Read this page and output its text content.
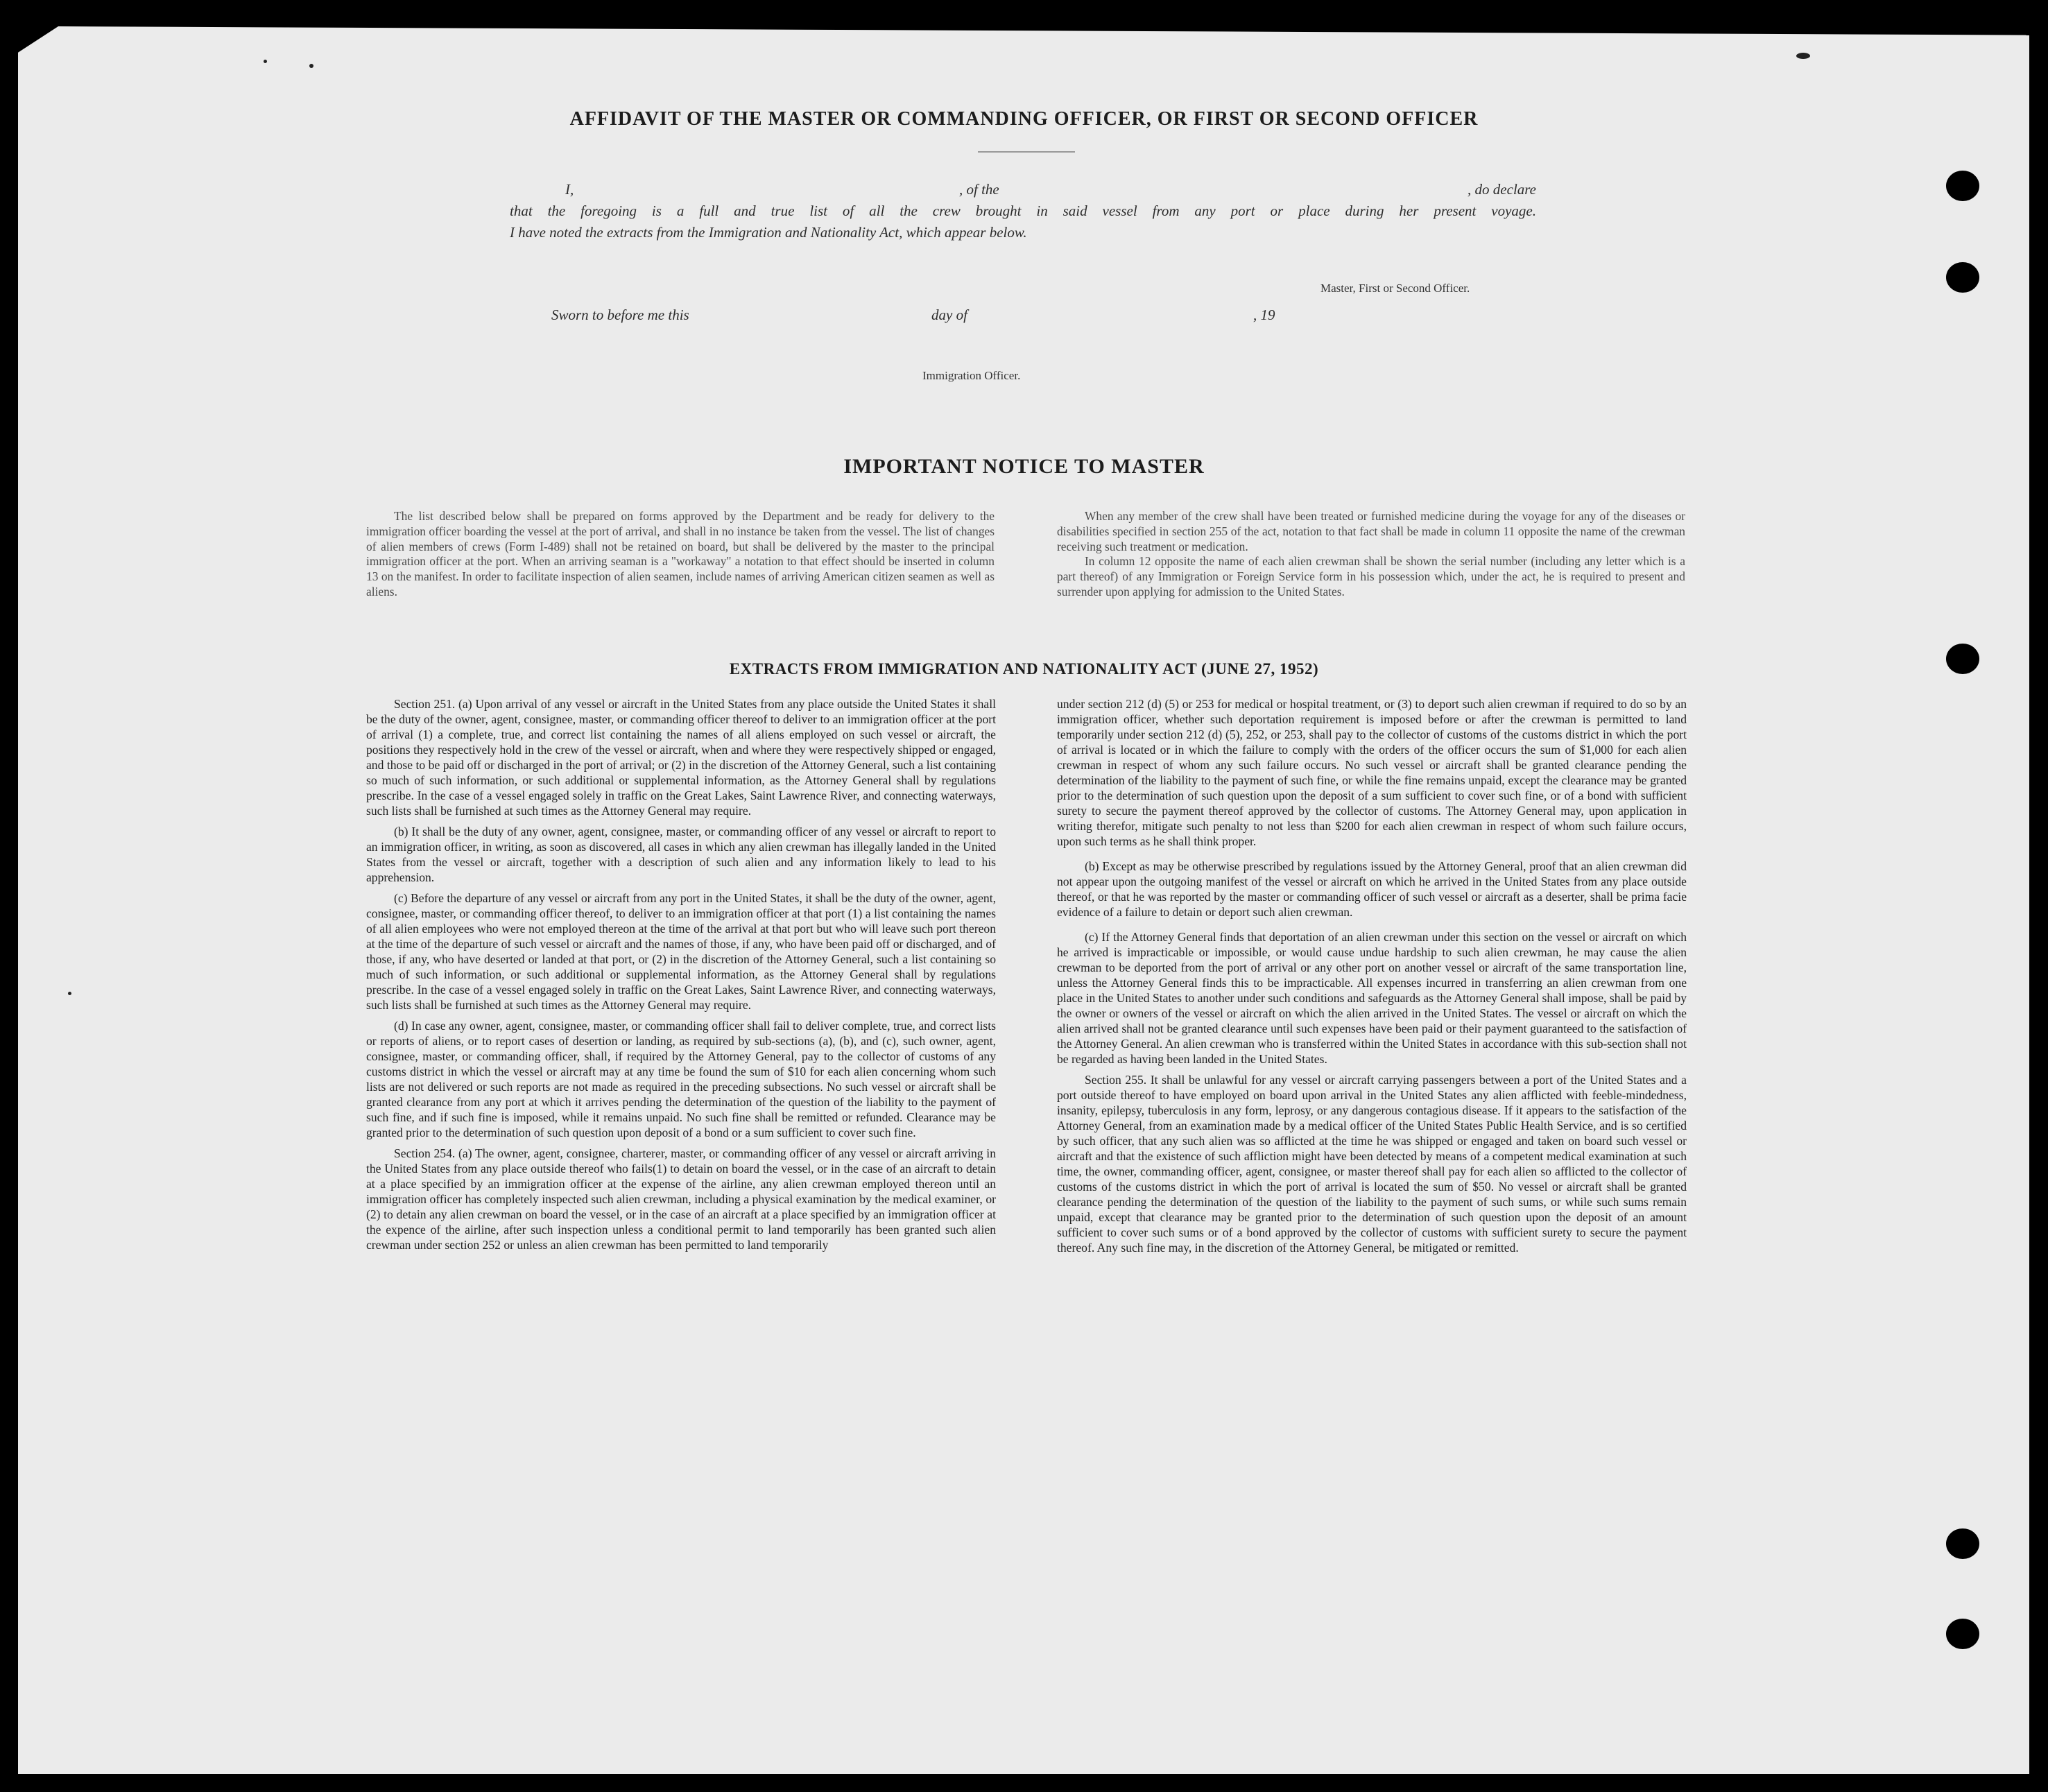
AFFIDAVIT OF THE MASTER OR COMMANDING OFFICER, OR FIRST OR SECOND OFFICER
I,	, of the	, do declare
that the foregoing is a full and true list of all the crew brought in said vessel from any port or place during her present voyage.
I have noted the extracts from the Immigration and Nationality Act, which appear below.
Master, First or Second Officer.
Sworn to before me this	day of	, 19
Immigration Officer.
IMPORTANT NOTICE TO MASTER

The list described below shall be prepared on forms approved by the Department and be ready for delivery to the immigration officer boarding the vessel at the port of arrival, and shall in no instance be taken from the vessel. The list of changes of alien members of crews (Form I-489) shall not be retained on board, but shall be delivered by the master to the principal immigration officer at the port. When an arriving seaman is a "workaway" a notation to that effect should be inserted in column 13 on the manifest. In order to facilitate inspection of alien seamen, include names of arriving American citizen seamen as well as aliens.

When any member of the crew shall have been treated or furnished medicine during the voyage for any of the diseases or disabilities specified in section 255 of the act, notation to that fact shall be made in column 11 opposite the name of the crewman receiving such treatment or medication.

In column 12 opposite the name of each alien crewman shall be shown the serial number (including any letter which is a part thereof) of any Immigration or Foreign Service form in his possession which, under the act, he is required to present and surrender upon applying for admission to the United States.

EXTRACTS FROM IMMIGRATION AND NATIONALITY ACT (JUNE 27, 1952)

Section 251. (a) Upon arrival of any vessel or aircraft in the United States from any place outside the United States it shall be the duty of the owner, agent, consignee, master, or commanding officer thereof to deliver to an immigration officer at the port of arrival (1) a complete, true, and correct list containing the names of all aliens employed on such vessel or aircraft, the positions they respectively hold in the crew of the vessel or aircraft, when and where they were respectively shipped or engaged, and those to be paid off or discharged in the port of arrival; or (2) in the discretion of the Attorney General, such a list containing so much of such information, or such additional or supplemental information, as the Attorney General shall by regulations prescribe. In the case of a vessel engaged solely in traffic on the Great Lakes, Saint Lawrence River, and connecting waterways, such lists shall be furnished at such times as the Attorney General may require.

(b) It shall be the duty of any owner, agent, consignee, master, or commanding officer of any vessel or aircraft to report to an immigration officer, in writing, as soon as discovered, all cases in which any alien crewman has illegally landed in the United States from the vessel or aircraft, together with a description of such alien and any information likely to lead to his apprehension.

(c) Before the departure of any vessel or aircraft from any port in the United States, it shall be the duty of the owner, agent, consignee, master, or commanding officer thereof, to deliver to an immigration officer at that port (1) a list containing the names of all alien employees who were not employed thereon at the time of the arrival at that port but who will leave such port thereon at the time of the departure of such vessel or aircraft and the names of those, if any, who have been paid off or discharged, and of those, if any, who have deserted or landed at that port, or (2) in the discretion of the Attorney General, such a list containing so much of such information, or such additional or supplemental information, as the Attorney General shall by regulations prescribe. In the case of a vessel engaged solely in traffic on the Great Lakes, Saint Lawrence River, and connecting waterways, such lists shall be furnished at such times as the Attorney General may require.

(d) In case any owner, agent, consignee, master, or commanding officer shall fail to deliver complete, true, and correct lists or reports of aliens, or to report cases of desertion or landing, as required by sub-sections (a), (b), and (c), such owner, agent, consignee, master, or commanding officer, shall, if required by the Attorney General, pay to the collector of customs of any customs district in which the vessel or aircraft may at any time be found the sum of $10 for each alien concerning whom such lists are not delivered or such reports are not made as required in the preceding subsections. No such vessel or aircraft shall be granted clearance from any port at which it arrives pending the determination of the question of the liability to the payment of such fine, and if such fine is imposed, while it remains unpaid. No such fine shall be remitted or refunded. Clearance may be granted prior to the determination of such question upon deposit of a bond or a sum sufficient to cover such fine.

Section 254. (a) The owner, agent, consignee, charterer, master, or commanding officer of any vessel or aircraft arriving in the United States from any place outside thereof who fails(1) to detain on board the vessel, or in the case of an aircraft to detain at a place specified by an immigration officer at the expense of the airline, any alien crewman employed thereon until an immigration officer has completely inspected such alien crewman, including a physical examination by the medical examiner, or (2) to detain any alien crewman on board the vessel, or in the case of an aircraft at a place specified by an immigration officer at the expence of the airline, after such inspection unless a conditional permit to land temporarily has been granted such alien crewman under section 252 or unless an alien crewman has been permitted to land temporarily

under section 212 (d) (5) or 253 for medical or hospital treatment, or (3) to deport such alien crewman if required to do so by an immigration officer, whether such deportation requirement is imposed before or after the crewman is permitted to land temporarily under section 212 (d) (5), 252, or 253, shall pay to the collector of customs of the customs district in which the port of arrival is located or in which the failure to comply with the orders of the officer occurs the sum of $1,000 for each alien crewman in respect of whom any such failure occurs. No such vessel or aircraft shall be granted clearance pending the determination of the liability to the payment of such fine, or while the fine remains unpaid, except the clearance may be granted prior to the determination of such question upon the deposit of a sum sufficient to cover such fine, or of a bond with sufficient surety to secure the payment thereof approved by the collector of customs. The Attorney General may, upon application in writing therefor, mitigate such penalty to not less than $200 for each alien crewman in respect of whom such failure occurs, upon such terms as he shall think proper.

(b) Except as may be otherwise prescribed by regulations issued by the Attorney General, proof that an alien crewman did not appear upon the outgoing manifest of the vessel or aircraft on which he arrived in the United States from any place outside thereof, or that he was reported by the master or commanding officer of such vessel or aircraft as a deserter, shall be prima facie evidence of a failure to detain or deport such alien crewman.

(c) If the Attorney General finds that deportation of an alien crewman under this section on the vessel or aircraft on which he arrived is impracticable or impossible, or would cause undue hardship to such alien crewman, he may cause the alien crewman to be deported from the port of arrival or any other port on another vessel or aircraft of the same transportation line, unless the Attorney General finds this to be impracticable. All expenses incurred in transferring an alien crewman from one place in the United States to another under such conditions and safeguards as the Attorney General shall impose, shall be paid by the owner or owners of the vessel or aircraft on which the alien arrived in the United States. The vessel or aircraft on which the alien arrived shall not be granted clearance until such expenses have been paid or their payment guaranteed to the satisfaction of the Attorney General. An alien crewman who is transferred within the United States in accordance with this sub-section shall not be regarded as having been landed in the United States.

Section 255. It shall be unlawful for any vessel or aircraft carrying passengers between a port of the United States and a port outside thereof to have employed on board upon arrival in the United States any alien afflicted with feeble-mindedness, insanity, epilepsy, tuberculosis in any form, leprosy, or any dangerous contagious disease. If it appears to the satisfaction of the Attorney General, from an examination made by a medical officer of the United States Public Health Service, and is so certified by such officer, that any such alien was so afflicted at the time he was shipped or engaged and taken on board such vessel or aircraft and that the existence of such affliction might have been detected by means of a competent medical examination at such time, the owner, commanding officer, agent, consignee, or master thereof shall pay for each alien so afflicted to the collector of customs of the customs district in which the port of arrival is located the sum of $50. No vessel or aircraft shall be granted clearance pending the determination of the question of the liability to the payment of such sums, or while such sums remain unpaid, except that clearance may be granted prior to the determination of such question upon the deposit of an amount sufficient to cover such sums or of a bond approved by the collector of customs with sufficient surety to secure the payment thereof. Any such fine may, in the discretion of the Attorney General, be mitigated or remitted.
